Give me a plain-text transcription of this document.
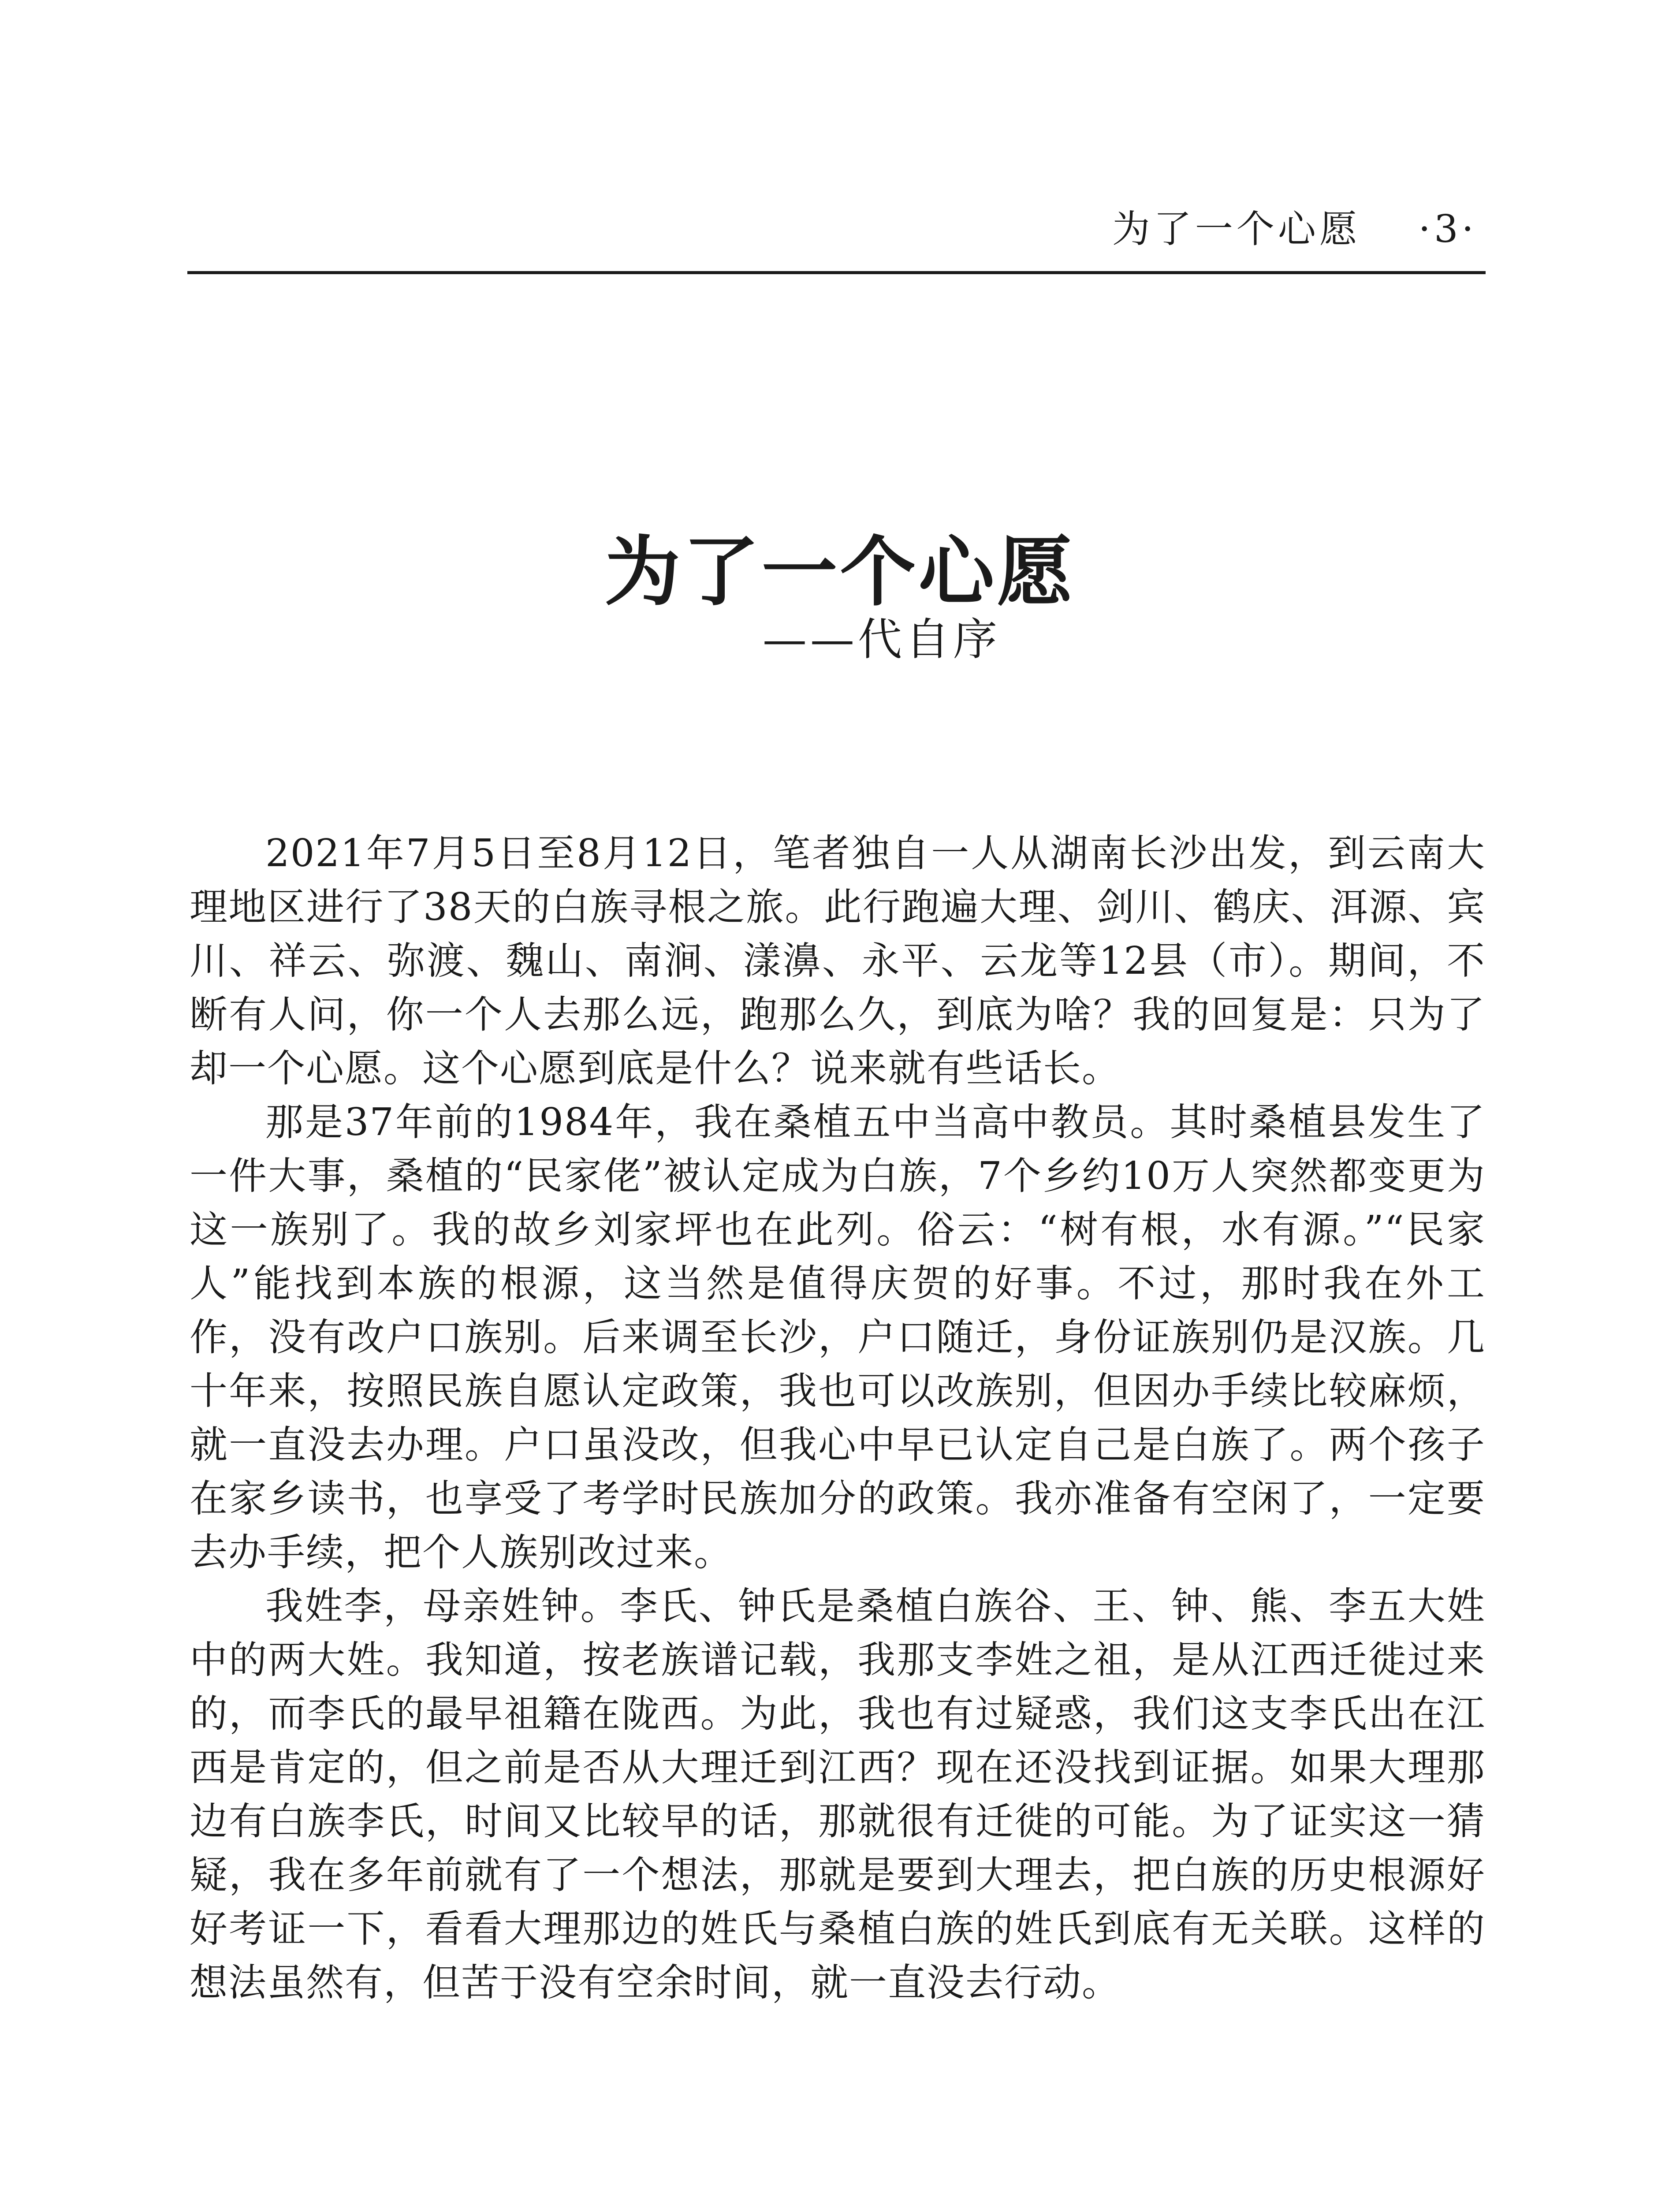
为了一个心愿 ·3·
为了一个心愿
——代自序

2021年7月5日至8月12日，笔者独自一人从湖南长沙出发，到云南大理地区进行了38天的白族寻根之旅。此行跑遍大理、剑川、鹤庆、洱源、宾川、祥云、弥渡、魏山、南涧、漾濞、永平、云龙等12县（市）。期间，不断有人问，你一个人去那么远，跑那么久，到底为啥？我的回复是：只为了却一个心愿。这个心愿到底是什么？说来就有些话长。

那是37年前的1984年，我在桑植五中当高中教员。其时桑植县发生了一件大事，桑植的“民家佬”被认定成为白族，7个乡约10万人突然都变更为这一族别了。我的故乡刘家坪也在此列。俗云：“树有根，水有源。”“民家人”能找到本族的根源，这当然是值得庆贺的好事。不过，那时我在外工作，没有改户口族别。后来调至长沙，户口随迁，身份证族别仍是汉族。几十年来，按照民族自愿认定政策，我也可以改族别，但因办手续比较麻烦，就一直没去办理。户口虽没改，但我心中早已认定自己是白族了。两个孩子在家乡读书，也享受了考学时民族加分的政策。我亦准备有空闲了，一定要去办手续，把个人族别改过来。

我姓李，母亲姓钟。李氏、钟氏是桑植白族谷、王、钟、熊、李五大姓中的两大姓。我知道，按老族谱记载，我那支李姓之祖，是从江西迁徙过来的，而李氏的最早祖籍在陇西。为此，我也有过疑惑，我们这支李氏出在江西是肯定的，但之前是否从大理迁到江西？现在还没找到证据。如果大理那边有白族李氏，时间又比较早的话，那就很有迁徙的可能。为了证实这一猜疑，我在多年前就有了一个想法，那就是要到大理去，把白族的历史根源好好考证一下，看看大理那边的姓氏与桑植白族的姓氏到底有无关联。这样的想法虽然有，但苦于没有空余时间，就一直没去行动。
